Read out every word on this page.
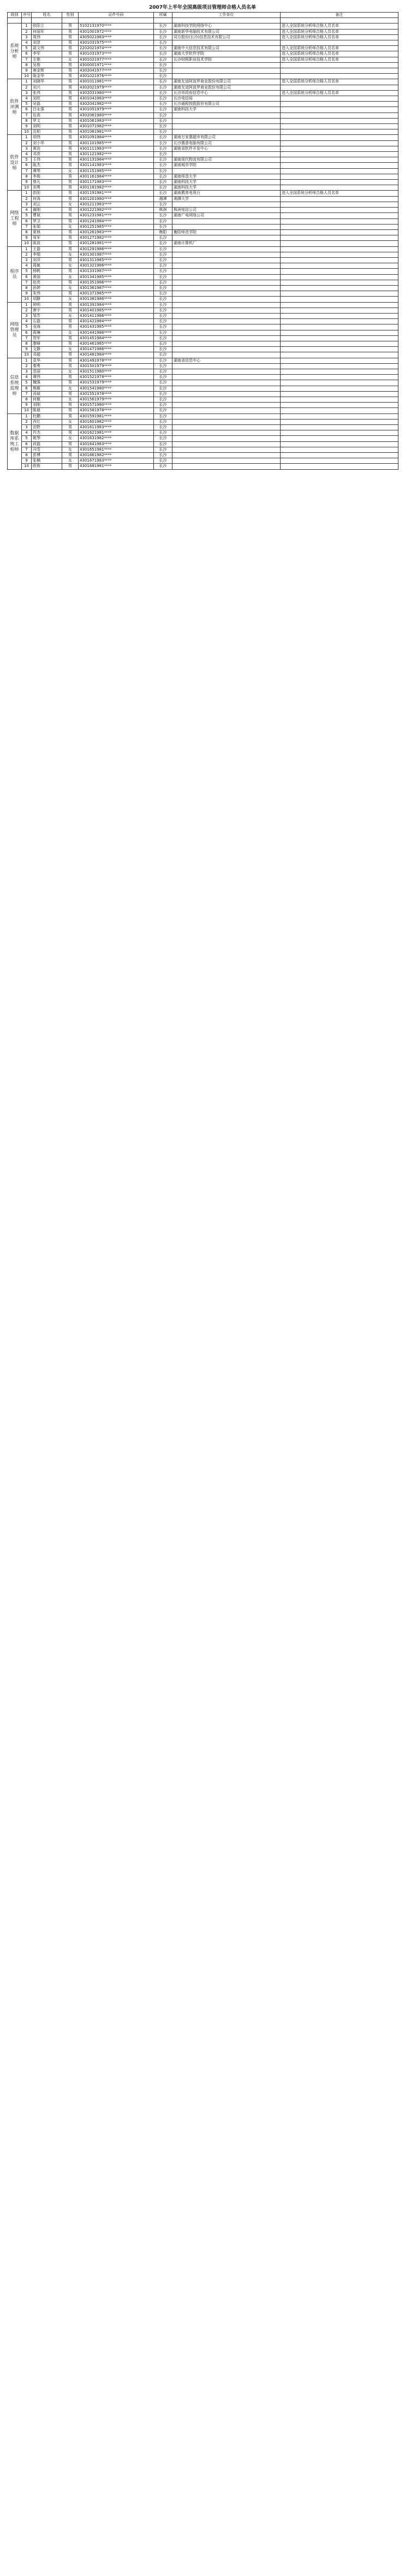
2007年上半年全国高级项目管理师合格人员名单
级别	序号	姓名	性别	证件号码	所属	工作单位	备注

系统分析师	1	欧阳立	男	5102131970****	长沙	湖南科技学院网络中心	进入全国系统分析师合格人员名单
	2	何丽军	男	4301001972****	长沙	湖南新华电脑技术有限公司	进入全国系统分析师合格人员名单
	3	周伟	男	4305021983****	长沙	同方股份(长沙)信息技术有限公司	进入全国系统分析师合格人员名单
	4	刘淳	男	4301031975****	长沙		
	5	聂文伟	男	2202021974****	长沙	湖南中大信息技术有限公司	进入全国系统分析师合格人员名单
	6	李军	男	4301031973****	长沙	湖南大学软件学院	进入全国系统分析师合格人员名单
	7	左艳	女	4301021977****	长沙	长沙财税职业技术学院	进入全国系统分析师合格人员名单
	8	吴俊	男	4300001971****	长沙		
	9	唐金辉	男	4302041977****	长沙		
	10	陈金华	男	4301021976****	长沙		
软件评测师	1	刘晓华	男	4301011981****	长沙	湖南友谊阿波罗商业股份有限公司	进入全国系统分析师合格人员名单
	2	刘兴	男	4302021979****	长沙	湖南友谊阿波罗商业股份有限公司	
	3	张伟	男	4302031980****	长沙	长沙市政府信息中心	进入全国系统分析师合格人员名单
	4	刘欣	男	4301041983****	长沙	长沙电信局	
	5	吴磊	男	4302041982****	长沙	长沙通程控股股份有限公司	
	6	吕永强	男	4301051979****	长沙	湖南科技大学	
	7	伍高	男	4302061980****	长沙		
	8	罗文	男	4301061983****	长沙		
	9	刘明	男	4301071982****	长沙		
	10	沈柏	男	4301081981****	长沙		
软件设计师	1	胡伟	男	4301091984****	长沙	湖南万家惠超市有限公司	
	2	刘小华	男	4301101985****	长沙	长沙惠普电脑有限公司	
	3	黄浩	男	4301111983****	长沙	湖南省软件开发中心	
	4	邓亮	男	4301121982****	长沙		
	5	王伟	男	4301131984****	长沙	湖南现代物流有限公司	
	6	陈杰	男	4301141983****	长沙	湖南城市学院	
	7	谭琴	女	4301151985****	长沙		
	8	李俊	男	4301161984****	长沙	湖南师范大学	
	9	曾凡	男	4301171983****	长沙	湖南科技大学	
	10	刘勇	男	4301181982****	长沙	湖南科技大学	
网络工程师	1	彭阳	男	4301191981****	长沙	湖南教育电视台	进入全国系统分析师合格人员名单
	2	何涛	男	4301201980****	湘潭	湘潭大学	
	3	刘云	女	4301211983****	长沙		
	4	谢刚	男	4301221982****	株洲	株洲电信公司	
	5	曹斌	男	4301231981****	长沙	湖南广电网络公司	
	6	罗卫	男	4301241984****	长沙		
	7	张娟	女	4301251985****	长沙		
	8	夏林	男	4301261983****	衡阳	衡阳师范学院	
	9	易军	男	4301271982****	长沙		
	10	陈波	男	4301281981****	长沙	湖南计算机厂	
程序员	1	王磊	男	4301291986****	长沙		
	2	李娟	女	4301301987****	长沙		
	3	刘洋	男	4301311985****	长沙		
	4	周敏	女	4301321986****	长沙		
	5	杨帆	男	4301331987****	长沙		
	6	黄丽	女	4301341985****	长沙		
	7	赵亮	男	4301351986****	长沙		
	8	孙婷	女	4301361987****	长沙		
	9	朱伟	男	4301371985****	长沙		
	10	胡静	女	4301381986****	长沙		
网络管理员	1	钟明	男	4301391984****	长沙		
	2	唐宇	男	4301401985****	长沙		
	3	邹芳	女	4301411986****	长沙		
	4	石磊	男	4301421984****	长沙		
	5	龙海	男	4301431985****	长沙		
	6	蒋琳	女	4301441986****	长沙		
	7	贺军	男	4301451984****	长沙		
	8	廖峰	男	4301461985****	长沙		
	9	文静	女	4301471986****	长沙		
	10	邓超	男	4301481984****	长沙		
信息系统监理师	1	袁华	男	4301491978****	长沙	湖南省信息中心	
	2	秦勇	男	4301501979****	长沙		
	3	范丽	女	4301511980****	长沙		
	4	谭伟	男	4301521978****	长沙		
	5	魏强	男	4301531979****	长沙		
	6	熊敏	女	4301541980****	长沙		
	7	汤斌	男	4301551978****	长沙		
	8	何敏	女	4301561979****	长沙		
	9	刘刚	男	4301571980****	长沙		
	10	陈晨	男	4301581978****	长沙		
数据库系统工程师	1	杜鹏	男	4301591981****	长沙		
	2	肖红	女	4301601982****	长沙		
	3	田野	男	4301611983****	长沙		
	4	许杰	男	4301621981****	长沙		
	5	姚琴	女	4301631982****	长沙		
	6	段磊	男	4301641983****	长沙		
	7	冯雪	女	4301651981****	长沙		
	8	彭博	男	4301661982****	长沙		
	9	张楠	女	4301671983****	长沙		
	10	欧俊	男	4301681981****	长沙		
